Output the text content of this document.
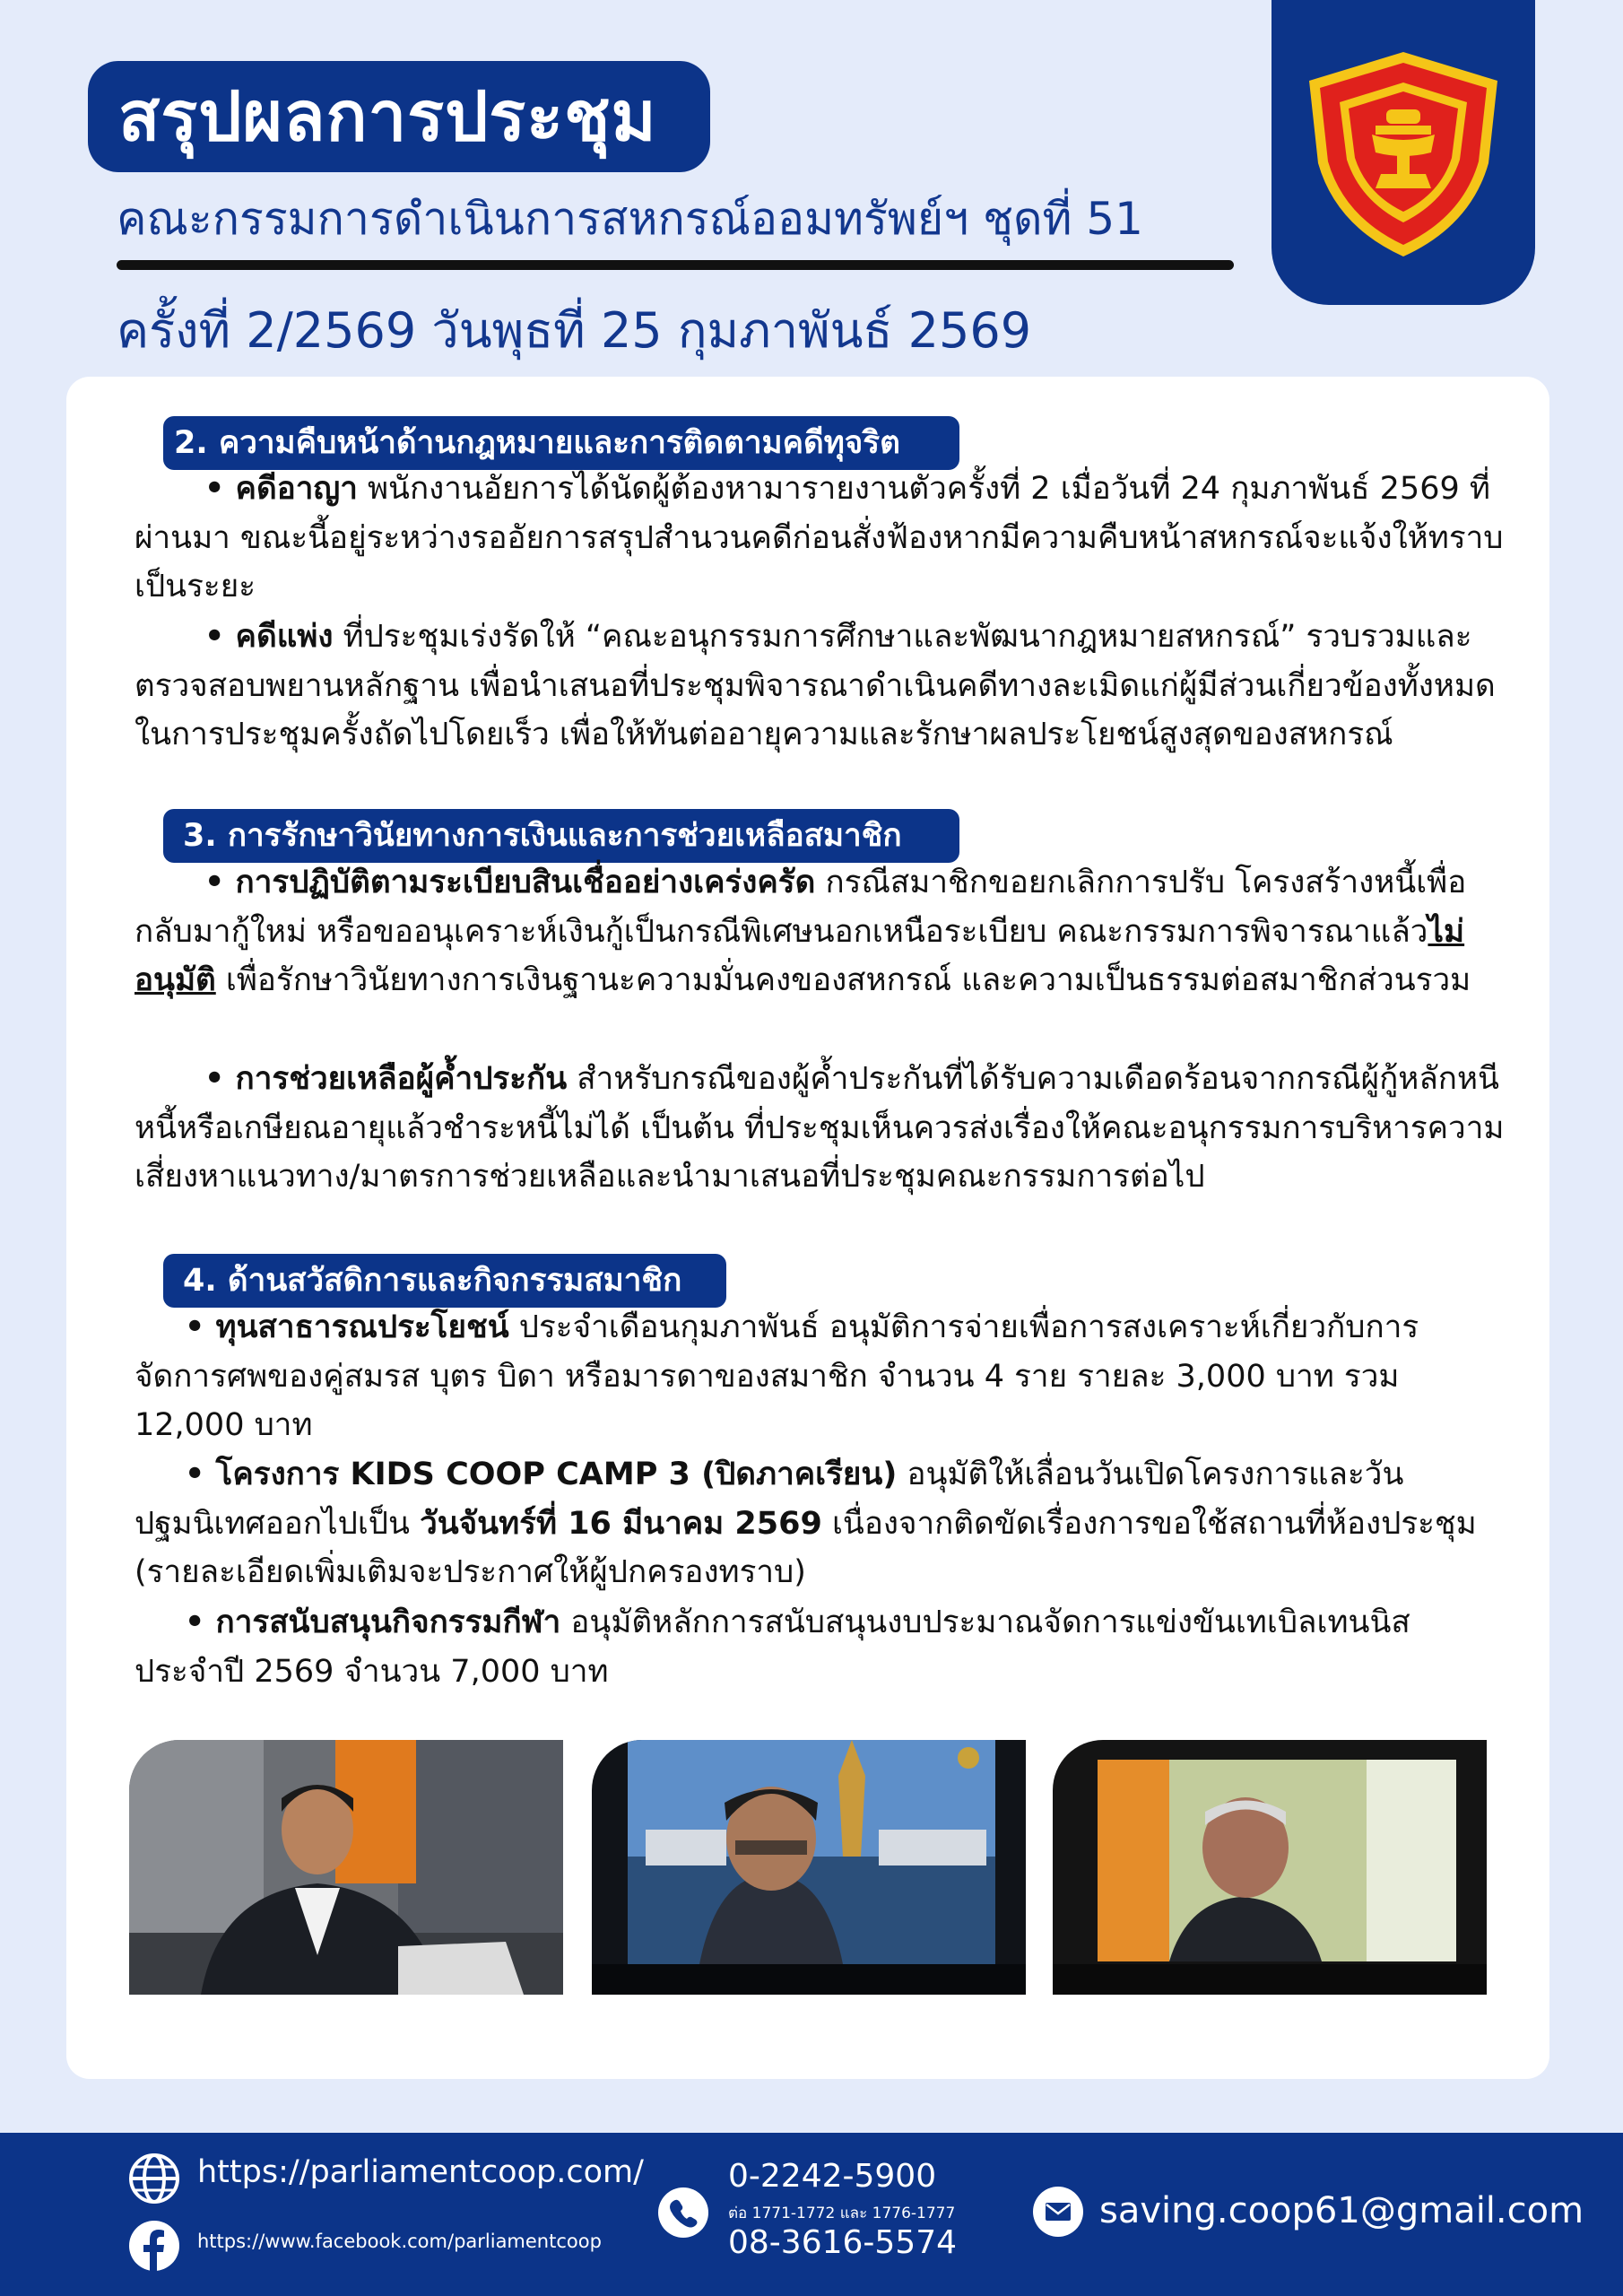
สรุปผลการประชุม
คณะกรรมการดำเนินการสหกรณ์ออมทรัพย์ฯ ชุดที่ 51
ครั้งที่ 2/2569 วันพุธที่ 25 กุมภาพันธ์ 2569
2. ความคืบหน้าด้านกฎหมายและการติดตามคดีทุจริต
• คดีอาญา พนักงานอัยการได้นัดผู้ต้องหามารายงานตัวครั้งที่ 2 เมื่อวันที่ 24 กุมภาพันธ์ 2569 ที่ผ่านมา ขณะนี้อยู่ระหว่างรออัยการสรุปสำนวนคดีก่อนสั่งฟ้องหากมีความคืบหน้าสหกรณ์จะแจ้งให้ทราบเป็นระยะ
• คดีแพ่ง ที่ประชุมเร่งรัดให้ “คณะอนุกรรมการศึกษาและพัฒนากฎหมายสหกรณ์” รวบรวมและตรวจสอบพยานหลักฐาน เพื่อนำเสนอที่ประชุมพิจารณาดำเนินคดีทางละเมิดแก่ผู้มีส่วนเกี่ยวข้องทั้งหมด ในการประชุมครั้งถัดไปโดยเร็ว เพื่อให้ทันต่ออายุความและรักษาผลประโยชน์สูงสุดของสหกรณ์
3. การรักษาวินัยทางการเงินและการช่วยเหลือสมาชิก
• การปฏิบัติตามระเบียบสินเชื่ออย่างเคร่งครัด กรณีสมาชิกขอยกเลิกการปรับ โครงสร้างหนี้เพื่อกลับมากู้ใหม่ หรือขออนุเคราะห์เงินกู้เป็นกรณีพิเศษนอกเหนือระเบียบ คณะกรรมการพิจารณาแล้วไม่อนุมัติ เพื่อรักษาวินัยทางการเงินฐานะความมั่นคงของสหกรณ์ และความเป็นธรรมต่อสมาชิกส่วนรวม
• การช่วยเหลือผู้ค้ำประกัน สำหรับกรณีของผู้ค้ำประกันที่ได้รับความเดือดร้อนจากกรณีผู้กู้หลักหนีหนี้หรือเกษียณอายุแล้วชำระหนี้ไม่ได้ เป็นต้น ที่ประชุมเห็นควรส่งเรื่องให้คณะอนุกรรมการบริหารความเสี่ยงหาแนวทาง/มาตรการช่วยเหลือและนำมาเสนอที่ประชุมคณะกรรมการต่อไป
4. ด้านสวัสดิการและกิจกรรมสมาชิก
• ทุนสาธารณประโยชน์ ประจำเดือนกุมภาพันธ์ อนุมัติการจ่ายเพื่อการสงเคราะห์เกี่ยวกับการจัดการศพของคู่สมรส บุตร บิดา หรือมารดาของสมาชิก จำนวน 4 ราย รายละ 3,000 บาท รวม 12,000 บาท
• โครงการ KIDS COOP CAMP 3 (ปิดภาคเรียน) อนุมัติให้เลื่อนวันเปิดโครงการและวัน ปฐมนิเทศออกไปเป็น วันจันทร์ที่ 16 มีนาคม 2569 เนื่องจากติดขัดเรื่องการขอใช้สถานที่ห้องประชุม (รายละเอียดเพิ่มเติมจะประกาศให้ผู้ปกครองทราบ)
• การสนับสนุนกิจกรรมกีฬา อนุมัติหลักการสนับสนุนงบประมาณจัดการแข่งขันเทเบิลเทนนิส ประจำปี 2569 จำนวน 7,000 บาท
https://parliamentcoop.com/
https://www.facebook.com/parliamentcoop
0-2242-5900
ต่อ 1771-1772 และ 1776-1777
08-3616-5574
saving.coop61@gmail.com
